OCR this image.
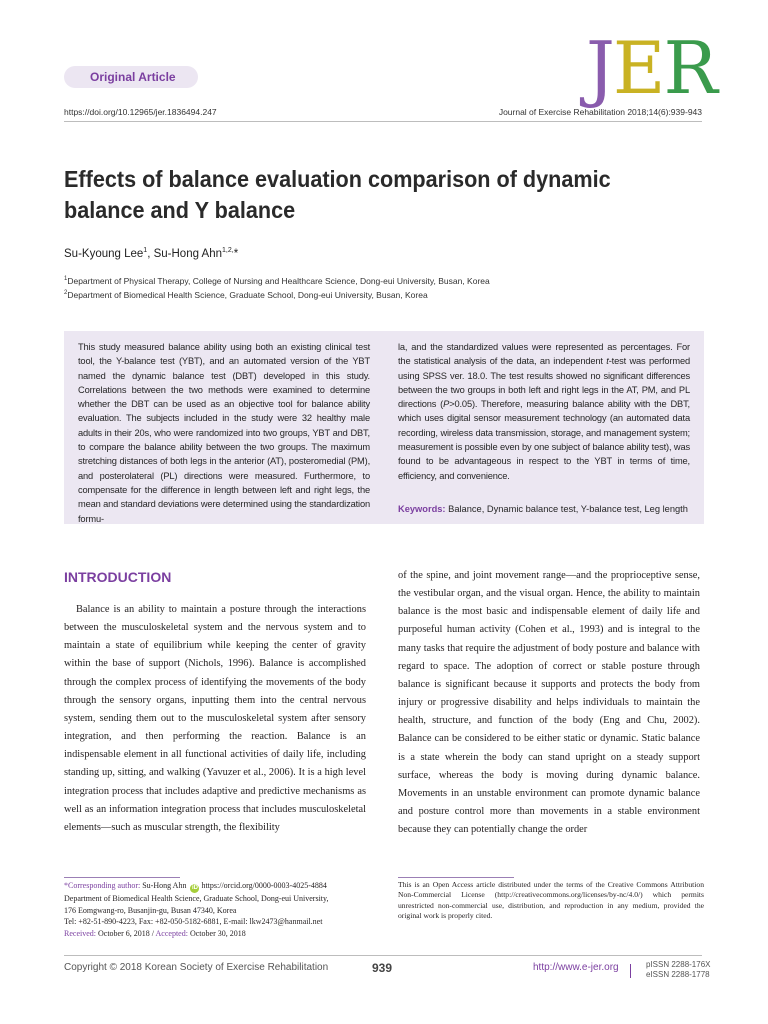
Original Article	JER
https://doi.org/10.12965/jer.1836494.247	Journal of Exercise Rehabilitation 2018;14(6):939-943
Effects of balance evaluation comparison of dynamic balance and Y balance
Su-Kyoung Lee$^1$, Su-Hong Ahn$^{1,2,}$*
$^1$Department of Physical Therapy, College of Nursing and Healthcare Science, Dong-eui University, Busan, Korea
$^2$Department of Biomedical Health Science, Graduate School, Dong-eui University, Busan, Korea
This study measured balance ability using both an existing clinical test tool, the Y-balance test (YBT), and an automated version of the YBT named the dynamic balance test (DBT) developed in this study. Correlations between the two methods were examined to determine whether the DBT can be used as an objective tool for balance ability evaluation. The subjects included in the study were 32 healthy male adults in their 20s, who were randomized into two groups, YBT and DBT, to compare the balance ability between the two groups. The maximum stretching distances of both legs in the anterior (AT), posteromedial (PM), and posterolateral (PL) directions were measured. Furthermore, to compensate for the difference in length between left and right legs, the mean and standard deviations were determined using the standardization formu-
la, and the standardized values were represented as percentages. For the statistical analysis of the data, an independent t-test was performed using SPSS ver. 18.0. The test results showed no significant differences between the two groups in both left and right legs in the AT, PM, and PL directions (P>0.05). Therefore, measuring balance ability with the DBT, which uses digital sensor measurement technology (an automated data recording, wireless data transmission, storage, and management system; measurement is possible even by one subject of balance ability test), was found to be advantageous in respect to the YBT in terms of time, efficiency, and convenience.
Keywords: Balance, Dynamic balance test, Y-balance test, Leg length
INTRODUCTION
Balance is an ability to maintain a posture through the interactions between the musculoskeletal system and the nervous system and to maintain a state of equilibrium while keeping the center of gravity within the base of support (Nichols, 1996). Balance is accomplished through the complex process of identifying the movements of the body through the sensory organs, inputting them into the central nervous system, sending them out to the musculoskeletal system after sensory integration, and then performing the reaction. Balance is an indispensable element in all functional activities of daily life, including standing up, sitting, and walking (Yavuzer et al., 2006). It is a high level integration process that includes adaptive and predictive mechanisms as well as an information integration process that includes musculoskeletal elements—such as muscular strength, the flexibility
of the spine, and joint movement range—and the proprioceptive sense, the vestibular organ, and the visual organ. Hence, the ability to maintain balance is the most basic and indispensable element of daily life and purposeful human activity (Cohen et al., 1993) and is integral to the many tasks that require the adjustment of body posture and balance with regard to space. The adoption of correct or stable posture through balance is significant because it supports and protects the body from injury or progressive disability and helps individuals to maintain the health, structure, and function of the body (Eng and Chu, 2002). Balance can be considered to be either static or dynamic. Static balance is a state wherein the body can stand upright on a steady support surface, whereas the body is moving during dynamic balance. Movements in an unstable environment can promote dynamic balance and posture control more than movements in a stable environment because they can potentially change the order
*Corresponding author: Su-Hong Ahn iD https://orcid.org/0000-0003-4025-4884
Department of Biomedical Health Science, Graduate School, Dong-eui University,
176 Eomgwang-ro, Busanjin-gu, Busan 47340, Korea
Tel: +82-51-890-4223, Fax: +82-050-5182-6881, E-mail: lkw2473@hanmail.net
Received: October 6, 2018 / Accepted: October 30, 2018
This is an Open Access article distributed under the terms of the Creative Commons Attribution Non-Commercial License (http://creativecommons.org/licenses/by-nc/4.0/) which permits unrestricted non-commercial use, distribution, and reproduction in any medium, provided the original work is properly cited.
Copyright © 2018 Korean Society of Exercise Rehabilitation	939	http://www.e-jer.org	pISSN 2288-176X
eISSN 2288-1778
